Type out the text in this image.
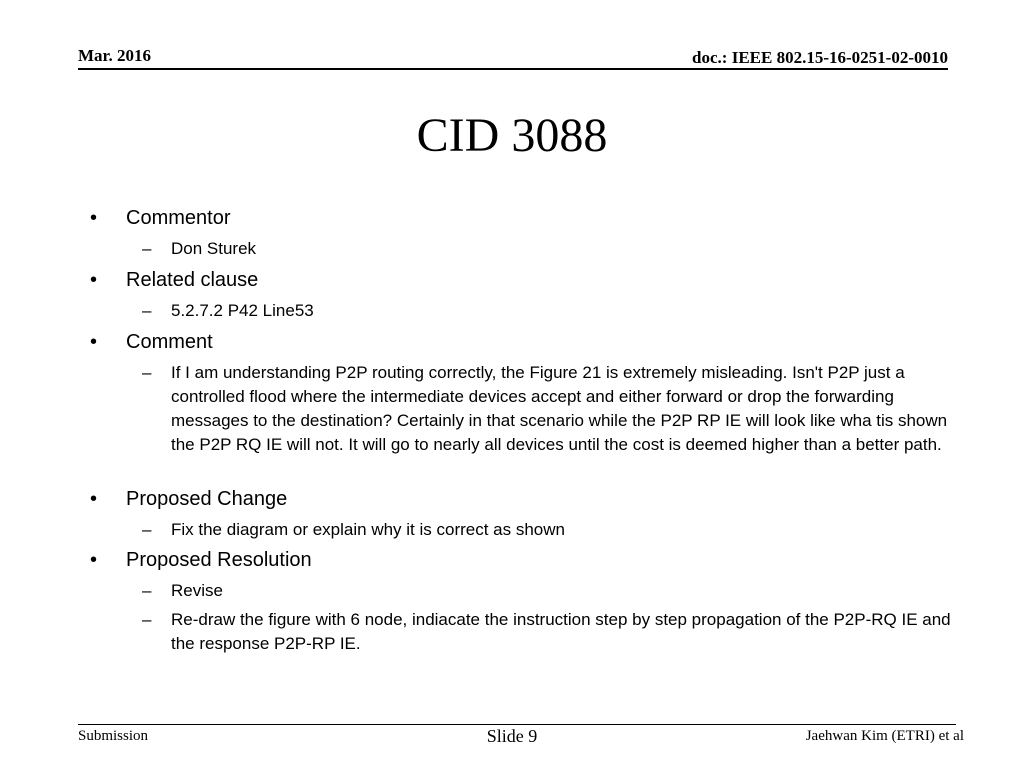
Mar. 2016	doc.: IEEE 802.15-16-0251-02-0010
CID 3088
• Commentor
– Don Sturek
• Related clause
– 5.2.7.2 P42 Line53
• Comment
– If I am understanding P2P routing correctly, the Figure 21 is extremely misleading. Isn't P2P just a controlled flood where the intermediate devices accept and either forward or drop the forwarding messages to the destination? Certainly in that scenario while the P2P RP IE will look like wha tis shown the P2P RQ IE will not. It will go to nearly all devices until the cost is deemed higher than a better path.
• Proposed Change
– Fix the diagram or explain why it is correct as shown
• Proposed Resolution
– Revise
– Re-draw the figure with 6 node, indiacate the instruction step by step propagation of the P2P-RQ IE and the response P2P-RP IE.
Submission	Slide 9	Jaehwan Kim (ETRI) et al
